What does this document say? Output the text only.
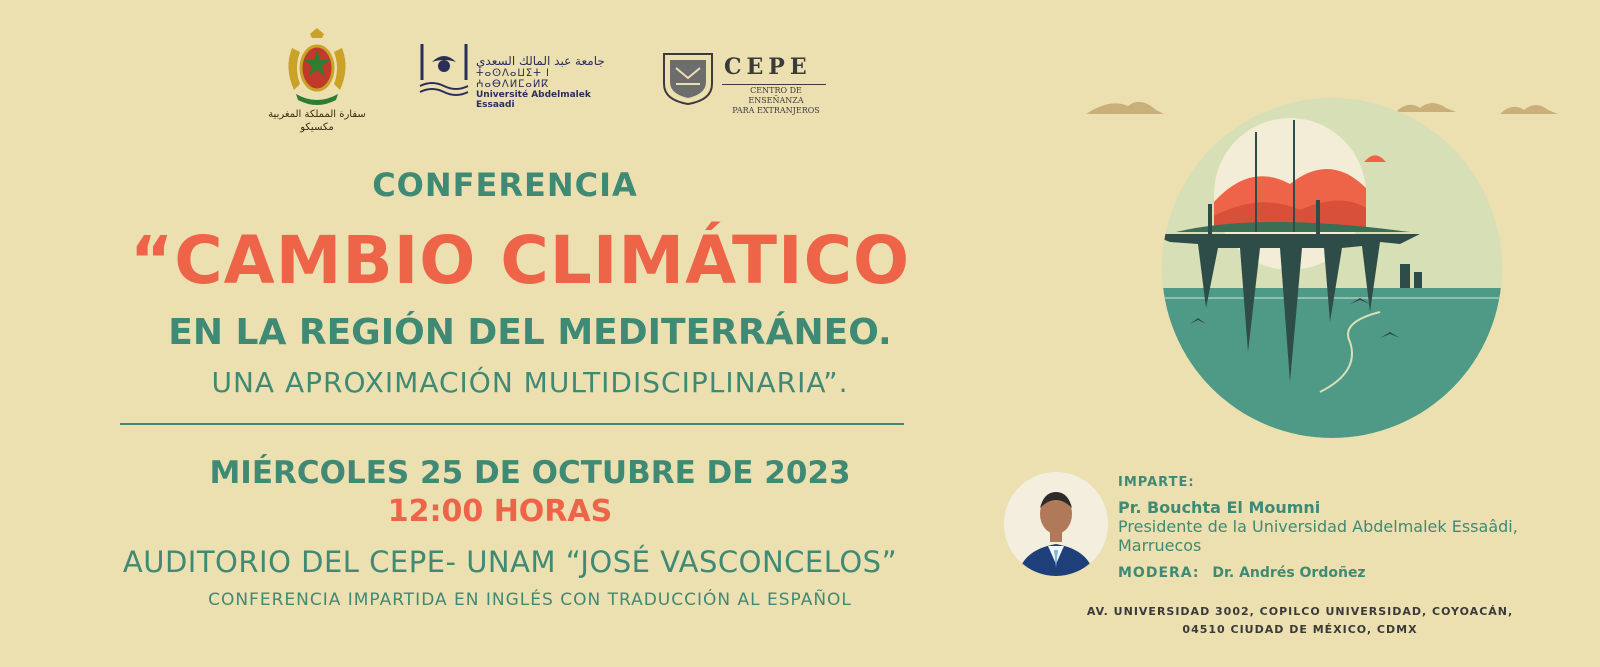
سفارة المملكة المغربية
مكسيكو
جامعة عبد المالك السعدي
ⵜⴰⵙⴷⴰⵡⵉⵜ ⵏ ⵄⴰⴱⴷⵍⵎⴰⵍⴽ
Université Abdelmalek Essaadi
CEPE
CENTRO DE ENSEÑANZA
PARA EXTRANJEROS
CONFERENCIA
“CAMBIO CLIMÁTICO
EN LA REGIÓN DEL MEDITERRÁNEO.
UNA APROXIMACIÓN MULTIDISCIPLINARIA”.
MIÉRCOLES 25 DE OCTUBRE DE 2023
12:00 HORAS
AUDITORIO DEL CEPE- UNAM “JOSÉ VASCONCELOS”
CONFERENCIA IMPARTIDA EN INGLÉS CON TRADUCCIÓN AL ESPAÑOL
IMPARTE:
Pr. Bouchta El Moumni
Presidente de la Universidad Abdelmalek Essaâdi,
Marruecos
MODERA: Dr. Andrés Ordoñez
AV. UNIVERSIDAD 3002, COPILCO UNIVERSIDAD, COYOACÁN,
04510 CIUDAD DE MÉXICO, CDMX
